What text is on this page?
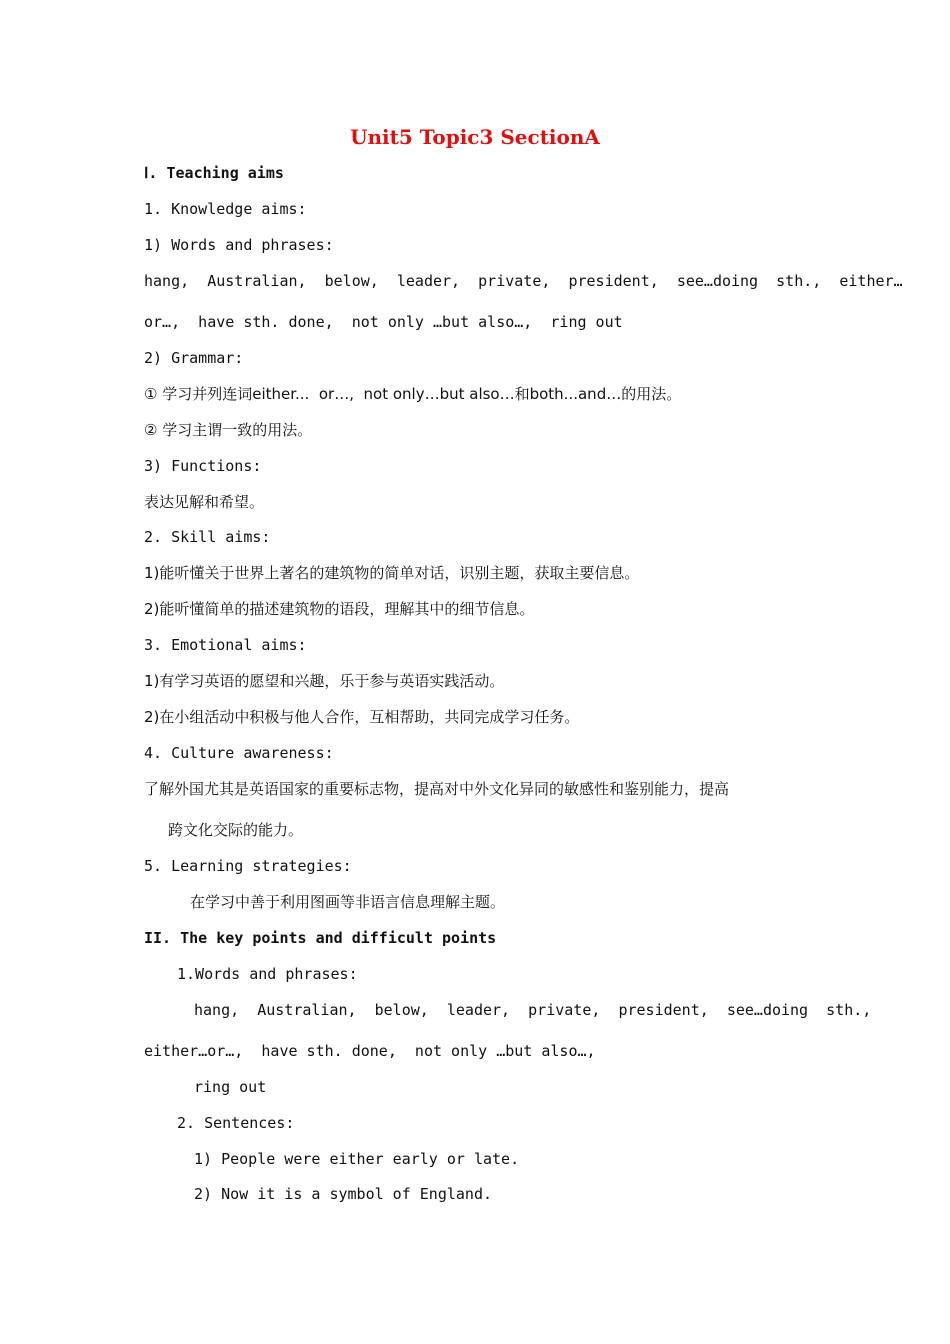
Unit5 Topic3 SectionA
Ⅰ. Teaching aims
1. Knowledge aims:
1) Words and phrases:
hang,  Australian,  below,  leader,  private,  president,  see…doing  sth.,  either…
or…,  have sth. done,  not only …but also…,  ring out
2) Grammar:
① 学习并列连词either...  or…,  not only…but also…和both...and…的用法。
② 学习主谓一致的用法。
3) Functions:
表达见解和希望。
2. Skill aims:
1)能听懂关于世界上著名的建筑物的简单对话，识别主题，获取主要信息。
2)能听懂简单的描述建筑物的语段，理解其中的细节信息。
3. Emotional aims:
1)有学习英语的愿望和兴趣，乐于参与英语实践活动。
2)在小组活动中积极与他人合作，互相帮助，共同完成学习任务。
4. Culture awareness:
了解外国尤其是英语国家的重要标志物，提高对中外文化异同的敏感性和鉴别能力，提高
跨文化交际的能力。
5. Learning strategies:
在学习中善于利用图画等非语言信息理解主题。
II. The key points and difficult points
1.Words and phrases:
hang,  Australian,  below,  leader,  private,  president,  see…doing  sth.,
either…or…,  have sth. done,  not only …but also…,
ring out
2. Sentences:
1) People were either early or late.
2) Now it is a symbol of England.
